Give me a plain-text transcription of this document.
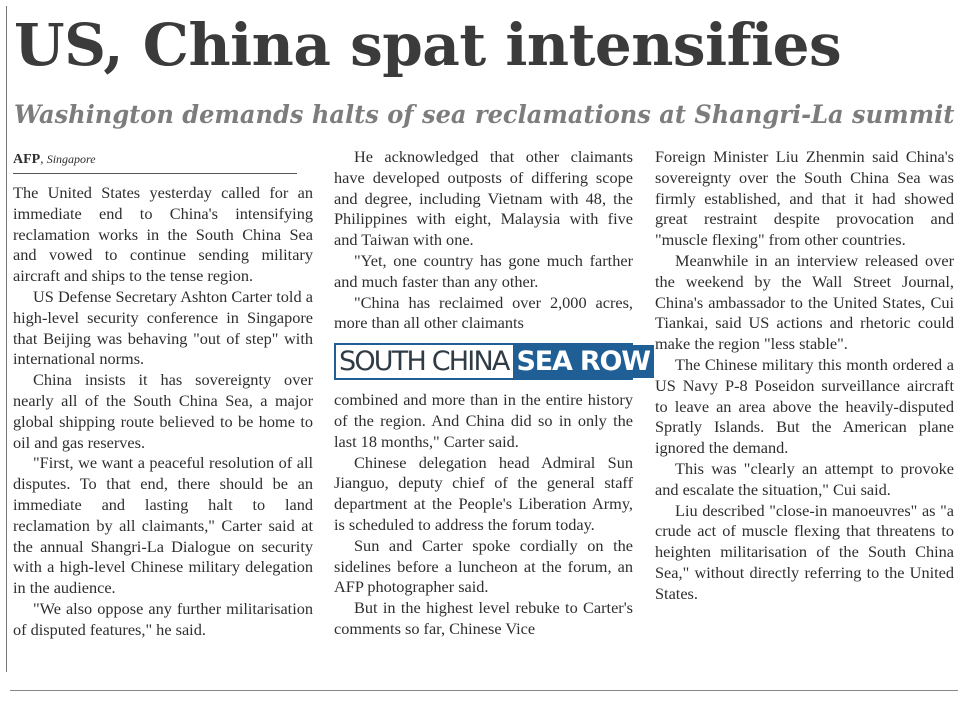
US, China spat intensifies
Washington demands halts of sea reclamations at Shangri-La summit
AFP, Singapore

The United States yesterday called for an immediate end to China's intensifying reclamation works in the South China Sea and vowed to continue sending military aircraft and ships to the tense region.

US Defense Secretary Ashton Carter told a high-level security conference in Singapore that Beijing was behaving "out of step" with international norms.

China insists it has sovereignty over nearly all of the South China Sea, a major global shipping route believed to be home to oil and gas reserves.

"First, we want a peaceful resolution of all disputes. To that end, there should be an immediate and lasting halt to land reclamation by all claimants," Carter said at the annual Shangri-La Dialogue on security with a high-level Chinese military delegation in the audience.

"We also oppose any further militarisation of disputed features," he said.

He acknowledged that other claimants have developed outposts of differing scope and degree, including Vietnam with 48, the Philippines with eight, Malaysia with five and Taiwan with one.

"Yet, one country has gone much farther and much faster than any other.

"China has reclaimed over 2,000 acres, more than all other claimants

SOUTH CHINA SEA ROW

combined and more than in the entire history of the region. And China did so in only the last 18 months," Carter said.

Chinese delegation head Admiral Sun Jianguo, deputy chief of the general staff department at the People's Liberation Army, is scheduled to address the forum today.

Sun and Carter spoke cordially on the sidelines before a luncheon at the forum, an AFP photographer said.

But in the highest level rebuke to Carter's comments so far, Chinese Vice

Foreign Minister Liu Zhenmin said China's sovereignty over the South China Sea was firmly established, and that it had showed great restraint despite provocation and "muscle flexing" from other countries.

Meanwhile in an interview released over the weekend by the Wall Street Journal, China's ambassador to the United States, Cui Tiankai, said US actions and rhetoric could make the region "less stable".

The Chinese military this month ordered a US Navy P-8 Poseidon surveillance aircraft to leave an area above the heavily-disputed Spratly Islands. But the American plane ignored the demand.

This was "clearly an attempt to provoke and escalate the situation," Cui said.

Liu described "close-in manoeuvres" as "a crude act of muscle flexing that threatens to heighten militarisation of the South China Sea," without directly referring to the United States.
